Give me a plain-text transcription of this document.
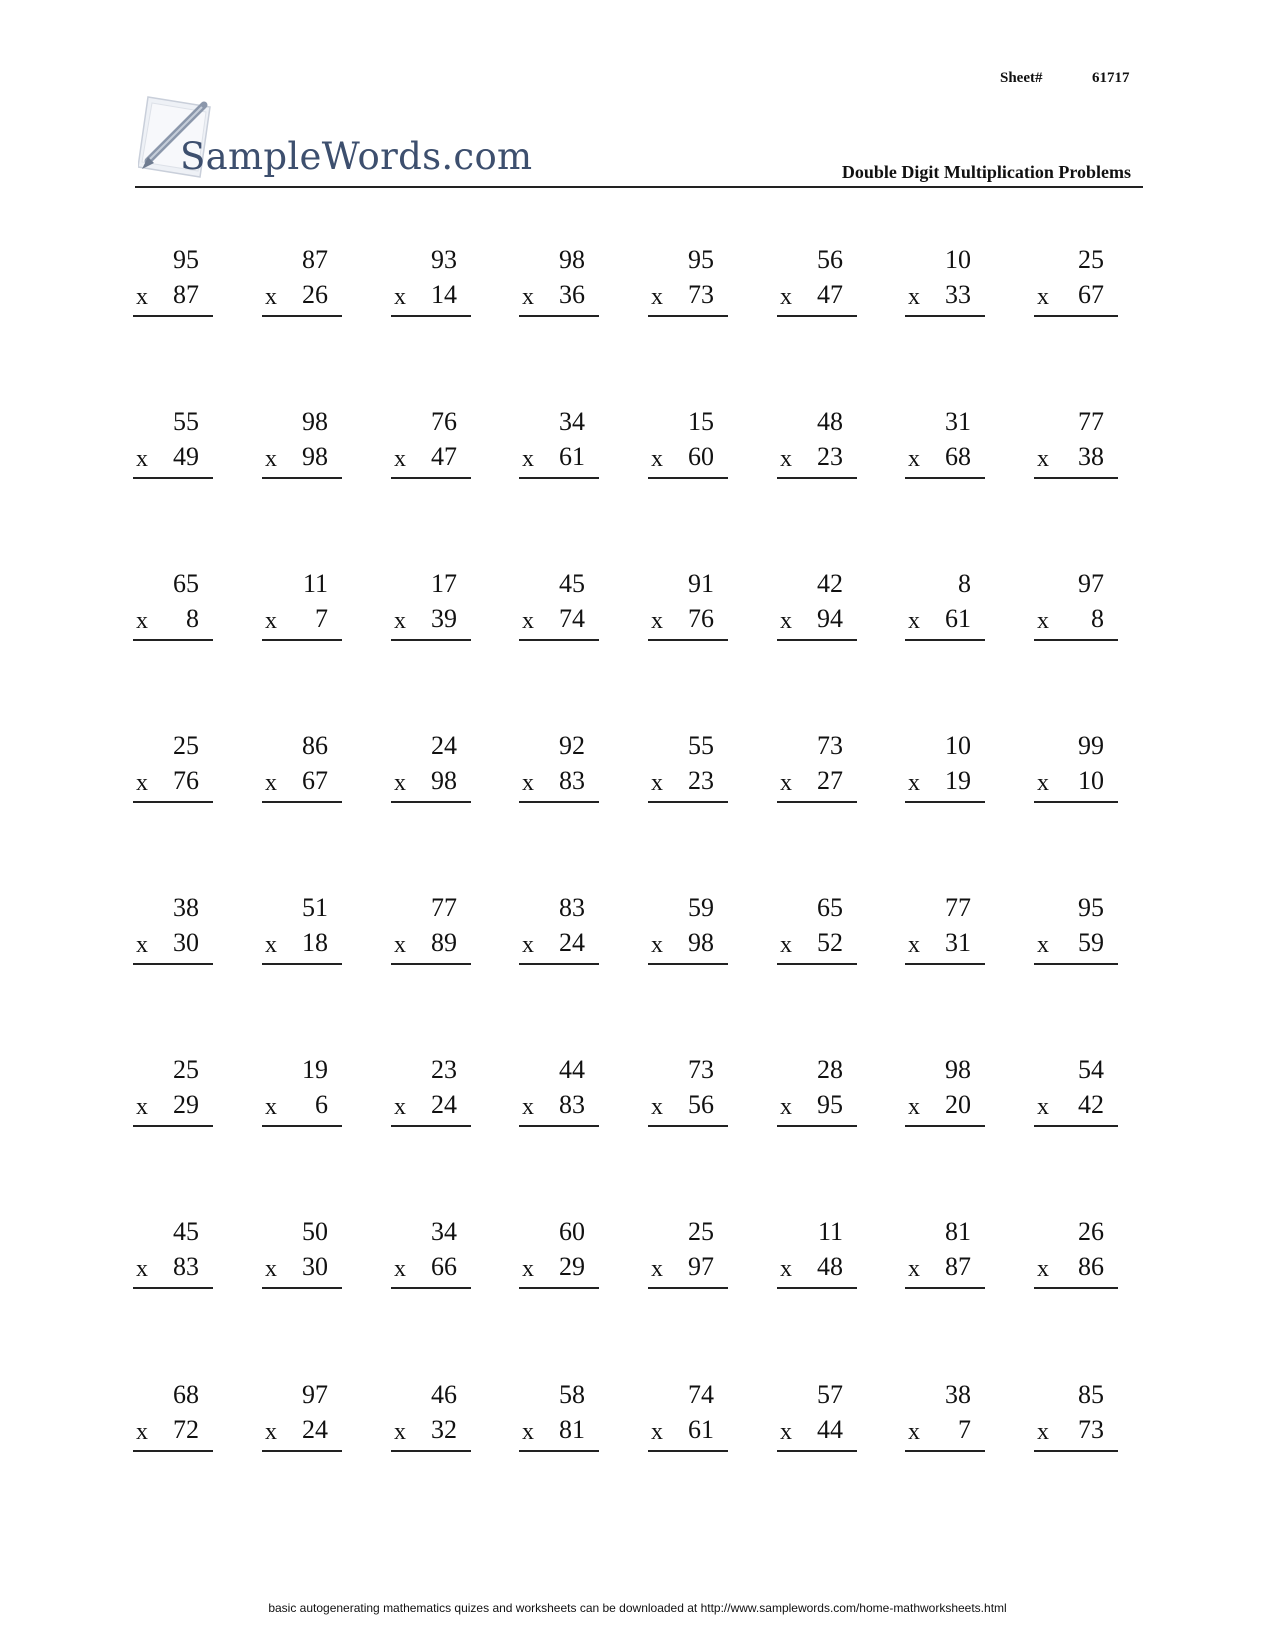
Sheet#	61717
SampleWords.com	Double Digit Multiplication Problems
95
x 87
87
x 26
93
x 14
98
x 36
95
x 73
56
x 47
10
x 33
25
x 67
55
x 49
98
x 98
76
x 47
34
x 61
15
x 60
48
x 23
31
x 68
77
x 38
65
x 8
11
x 7
17
x 39
45
x 74
91
x 76
42
x 94
8
x 61
97
x 8
25
x 76
86
x 67
24
x 98
92
x 83
55
x 23
73
x 27
10
x 19
99
x 10
38
x 30
51
x 18
77
x 89
83
x 24
59
x 98
65
x 52
77
x 31
95
x 59
25
x 29
19
x 6
23
x 24
44
x 83
73
x 56
28
x 95
98
x 20
54
x 42
45
x 83
50
x 30
34
x 66
60
x 29
25
x 97
11
x 48
81
x 87
26
x 86
68
x 72
97
x 24
46
x 32
58
x 81
74
x 61
57
x 44
38
x 7
85
x 73
basic autogenerating mathematics quizes and worksheets can be downloaded at http://www.samplewords.com/home-mathworksheets.html
